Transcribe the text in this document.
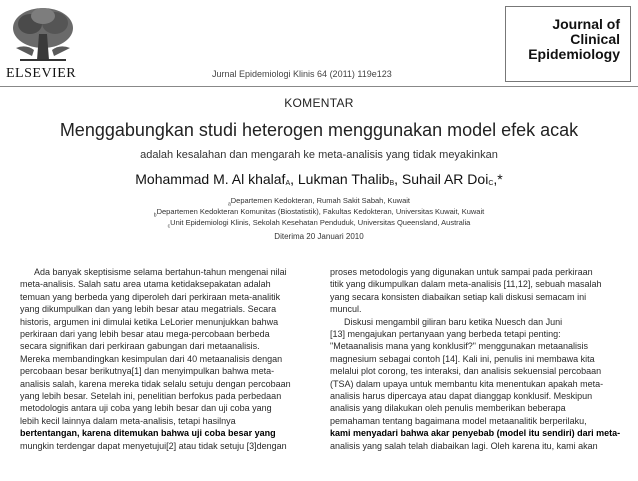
ELSEVIER	Jurnal Epidemiologi Klinis 64 (2011) 119e123
Journal of
Clinical
Epidemiology
KOMENTAR
Menggabungkan studi heterogen menggunakan model efek acak
adalah kesalahan dan mengarah ke meta-analisis yang tidak meyakinkan
Mohammad M. Al khalaf$_A$, Lukman Thalib$_B$, Suhail AR Doi$_C$,*
$_a$Departemen Kedokteran, Rumah Sakit Sabah, Kuwait
$_b$Departemen Kedokteran Komunitas (Biostatistik), Fakultas Kedokteran, Universitas Kuwait, Kuwait
$_c$Unit Epidemiologi Klinis, Sekolah Kesehatan Penduduk, Universitas Queensland, Australia
Diterima 20 Januari 2010
Ada banyak skeptisisme selama bertahun-tahun mengenai nilai
meta-analisis. Salah satu area utama ketidaksepakatan adalah
temuan yang berbeda yang diperoleh dari perkiraan meta-analitik
yang dikumpulkan dan yang lebih besar atau megatrials. Secara
historis, argumen ini dimulai ketika LeLorier menunjukkan bahwa
perkiraan dari yang lebih besar atau mega-percobaan berbeda
secara signifikan dari perkiraan gabungan dari metaanalisis.
Mereka membandingkan kesimpulan dari 40 metaanalisis dengan
percobaan besar berikutnya[1] dan menyimpulkan bahwa meta-
analisis salah, karena mereka tidak selalu setuju dengan percobaan
yang lebih besar. Setelah ini, penelitian berfokus pada perbedaan
metodologis antara uji coba yang lebih besar dan uji coba yang
lebih kecil lainnya dalam meta-analisis, tetapi hasilnya
bertentangan, karena ditemukan bahwa uji coba besar yang
mungkin terdengar dapat menyetujui[2] atau tidak setuju [3]dengan
proses metodologis yang digunakan untuk sampai pada perkiraan
titik yang dikumpulkan dalam meta-analisis [11,12], sebuah masalah
yang secara konsisten diabaikan setiap kali diskusi semacam ini
muncul.
Diskusi mengambil giliran baru ketika Nuesch dan Juni
[13] mengajukan pertanyaan yang berbeda tetapi penting:
"Metaanalisis mana yang konklusif?" menggunakan metaanalisis
magnesium sebagai contoh [14]. Kali ini, penulis ini membawa kita
melalui plot corong, tes interaksi, dan analisis sekuensial percobaan
(TSA) dalam upaya untuk membantu kita menentukan apakah meta-
analisis harus dipercaya atau dapat dianggap konklusif. Meskipun
analisis yang dilakukan oleh penulis memberikan beberapa
pemahaman tentang bagaimana model metaanalitik berperilaku,
kami menyadari bahwa akar penyebab (model itu sendiri) dari meta-
analisis yang salah telah diabaikan lagi. Oleh karena itu, kami akan
